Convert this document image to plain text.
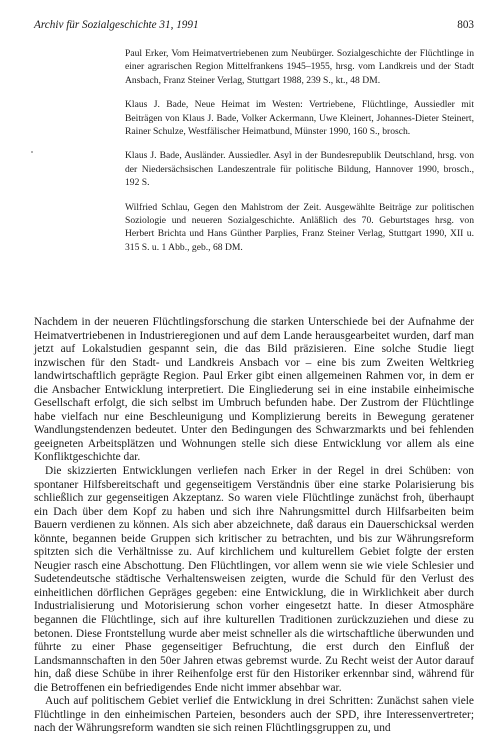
Archiv für Sozialgeschichte 31, 1991	803

Paul Erker, Vom Heimatvertriebenen zum Neubürger. Sozialgeschichte der Flüchtlinge in einer agrarischen Region Mittelfrankens 1945–1955, hrsg. vom Landkreis und der Stadt Ansbach, Franz Steiner Verlag, Stuttgart 1988, 239 S., kt., 48 DM.

Klaus J. Bade, Neue Heimat im Westen: Vertriebene, Flüchtlinge, Aussiedler mit Beiträgen von Klaus J. Bade, Volker Ackermann, Uwe Kleinert, Johannes-Dieter Steinert, Rainer Schulze, Westfälischer Heimatbund, Münster 1990, 160 S., brosch.

Klaus J. Bade, Ausländer. Aussiedler. Asyl in der Bundesrepublik Deutschland, hrsg. von der Niedersächsischen Landeszentrale für politische Bildung, Hannover 1990, brosch., 192 S.

Wilfried Schlau, Gegen den Mahlstrom der Zeit. Ausgewählte Beiträge zur politischen Soziologie und neueren Sozialgeschichte. Anläßlich des 70. Geburtstages hrsg. von Herbert Brichta und Hans Günther Parplies, Franz Steiner Verlag, Stuttgart 1990, XII u. 315 S. u. 1 Abb., geb., 68 DM.

Nachdem in der neueren Flüchtlingsforschung die starken Unterschiede bei der Aufnahme der Heimatvertriebenen in Industrieregionen und auf dem Lande herausgearbeitet wurden, darf man jetzt auf Lokalstudien gespannt sein, die das Bild präzisieren. Eine solche Studie liegt inzwischen für den Stadt- und Landkreis Ansbach vor – eine bis zum Zweiten Weltkrieg landwirtschaftlich geprägte Region. Paul Erker gibt einen allgemeinen Rahmen vor, in dem er die Ansbacher Entwicklung interpretiert. Die Eingliederung sei in eine instabile einheimische Gesellschaft erfolgt, die sich selbst im Umbruch befunden habe. Der Zustrom der Flüchtlinge habe vielfach nur eine Beschleunigung und Komplizierung bereits in Bewegung geratener Wandlungstendenzen bedeutet. Unter den Bedingungen des Schwarzmarkts und bei fehlenden geeigneten Arbeitsplätzen und Wohnungen stelle sich diese Entwicklung vor allem als eine Konfliktgeschichte dar.

Die skizzierten Entwicklungen verliefen nach Erker in der Regel in drei Schüben: von spontaner Hilfsbereitschaft und gegenseitigem Verständnis über eine starke Polarisierung bis schließlich zur gegenseitigen Akzeptanz. So waren viele Flüchtlinge zunächst froh, überhaupt ein Dach über dem Kopf zu haben und sich ihre Nahrungsmittel durch Hilfsarbeiten beim Bauern verdienen zu können. Als sich aber abzeichnete, daß daraus ein Dauerschicksal werden könnte, begannen beide Gruppen sich kritischer zu betrachten, und bis zur Währungsreform spitzten sich die Verhältnisse zu. Auf kirchlichem und kulturellem Gebiet folgte der ersten Neugier rasch eine Abschottung. Den Flüchtlingen, vor allem wenn sie wie viele Schlesier und Sudetendeutsche städtische Verhaltensweisen zeigten, wurde die Schuld für den Verlust des einheitlichen dörflichen Gepräges gegeben: eine Entwicklung, die in Wirklichkeit aber durch Industrialisierung und Motorisierung schon vorher eingesetzt hatte. In dieser Atmosphäre begannen die Flüchtlinge, sich auf ihre kulturellen Traditionen zurückzuziehen und diese zu betonen. Diese Frontstellung wurde aber meist schneller als die wirtschaftliche überwunden und führte zu einer Phase gegenseitiger Befruchtung, die erst durch den Einfluß der Landsmannschaften in den 50er Jahren etwas gebremst wurde. Zu Recht weist der Autor darauf hin, daß diese Schübe in ihrer Reihenfolge erst für den Historiker erkennbar sind, während für die Betroffenen ein befriedigendes Ende nicht immer absehbar war.

Auch auf politischem Gebiet verlief die Entwicklung in drei Schritten: Zunächst sahen viele Flüchtlinge in den einheimischen Parteien, besonders auch der SPD, ihre Interessenvertreter; nach der Währungsreform wandten sie sich reinen Flüchtlingsgruppen zu, und
